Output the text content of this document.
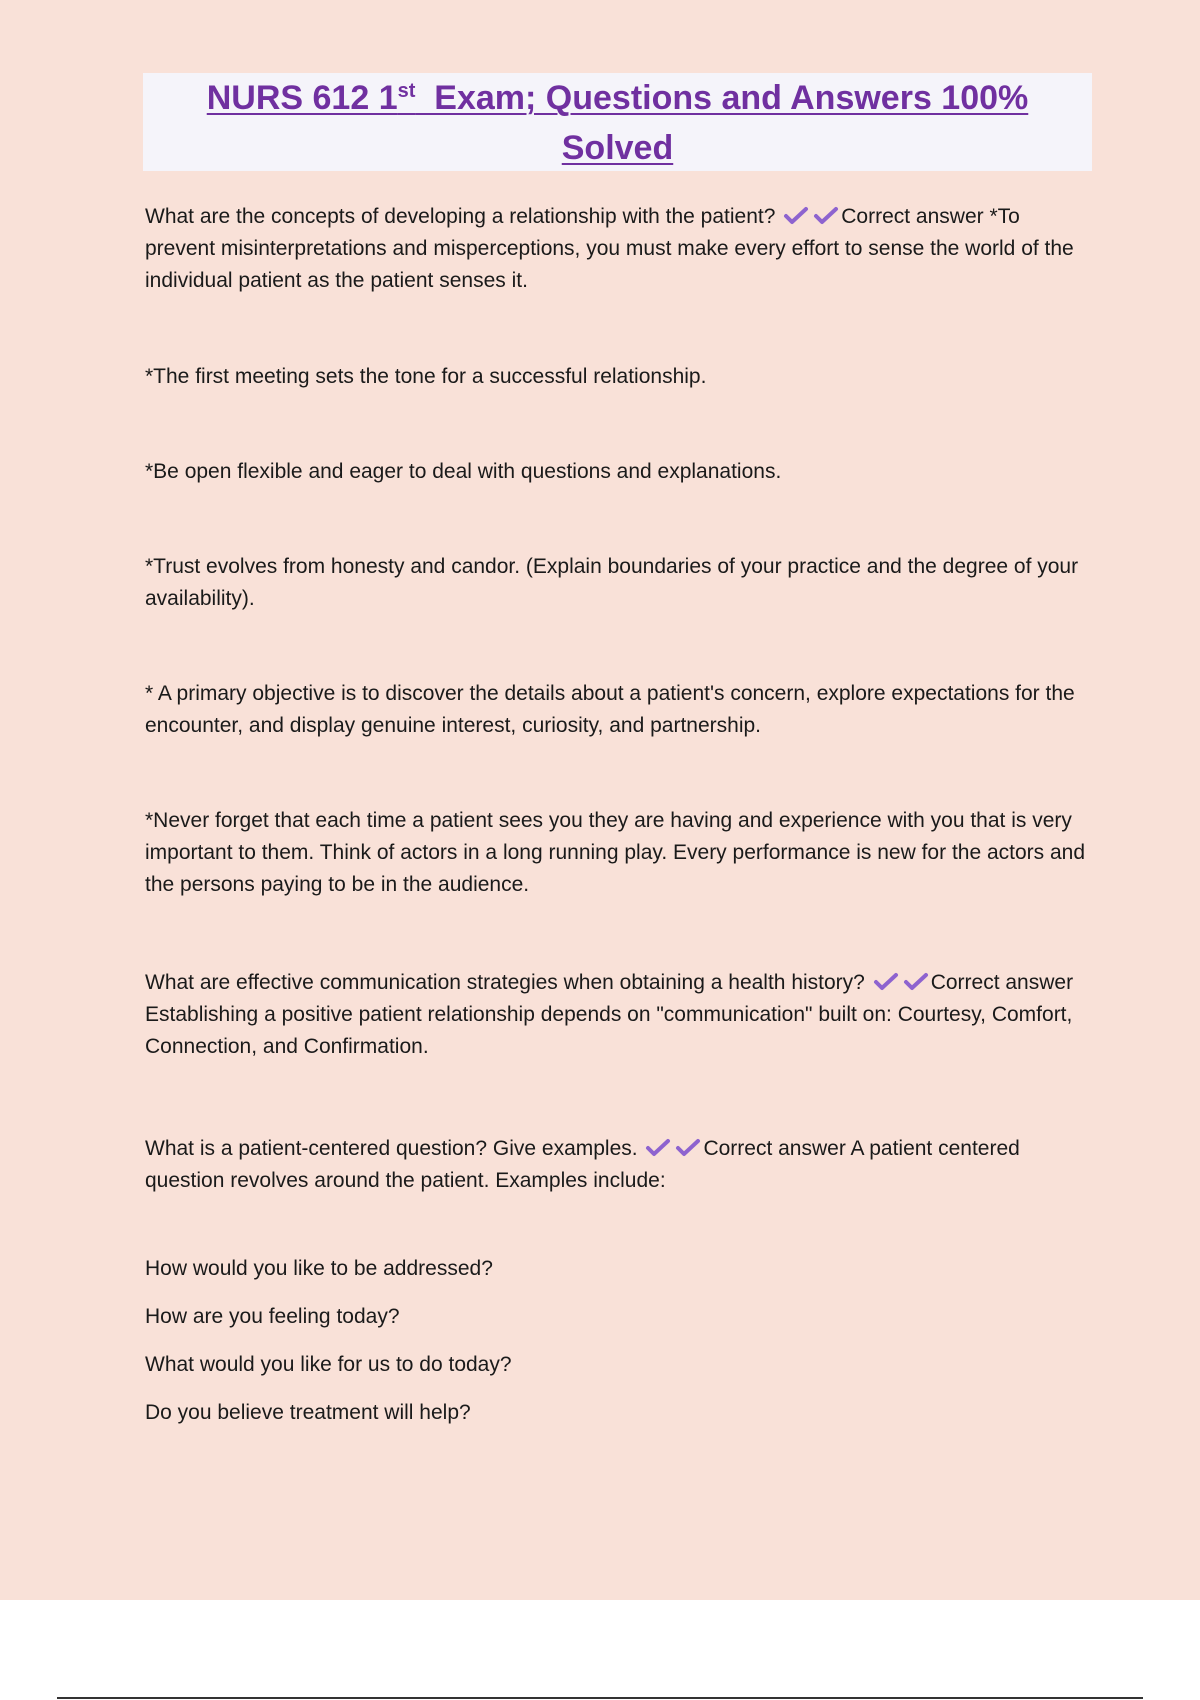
NURS 612 1st  Exam; Questions and Answers 100%
Solved

What are the concepts of developing a relationship with the patient?	Correct answer *To prevent misinterpretations and misperceptions, you must make every effort to sense the world of the individual patient as the patient senses it.

*The first meeting sets the tone for a successful relationship.

*Be open flexible and eager to deal with questions and explanations.

*Trust evolves from honesty and candor. (Explain boundaries of your practice and the degree of your availability).

* A primary objective is to discover the details about a patient's concern, explore expectations for the encounter, and display genuine interest, curiosity, and partnership.

*Never forget that each time a patient sees you they are having and experience with you that is very important to them. Think of actors in a long running play. Every performance is new for the actors and the persons paying to be in the audience.

What are effective communication strategies when obtaining a health history?	Correct answer Establishing a positive patient relationship depends on "communication" built on: Courtesy, Comfort, Connection, and Confirmation.

What is a patient-centered question? Give examples.	Correct answer A patient centered question revolves around the patient. Examples include:

How would you like to be addressed?

How are you feeling today?

What would you like for us to do today?

Do you believe treatment will help?
